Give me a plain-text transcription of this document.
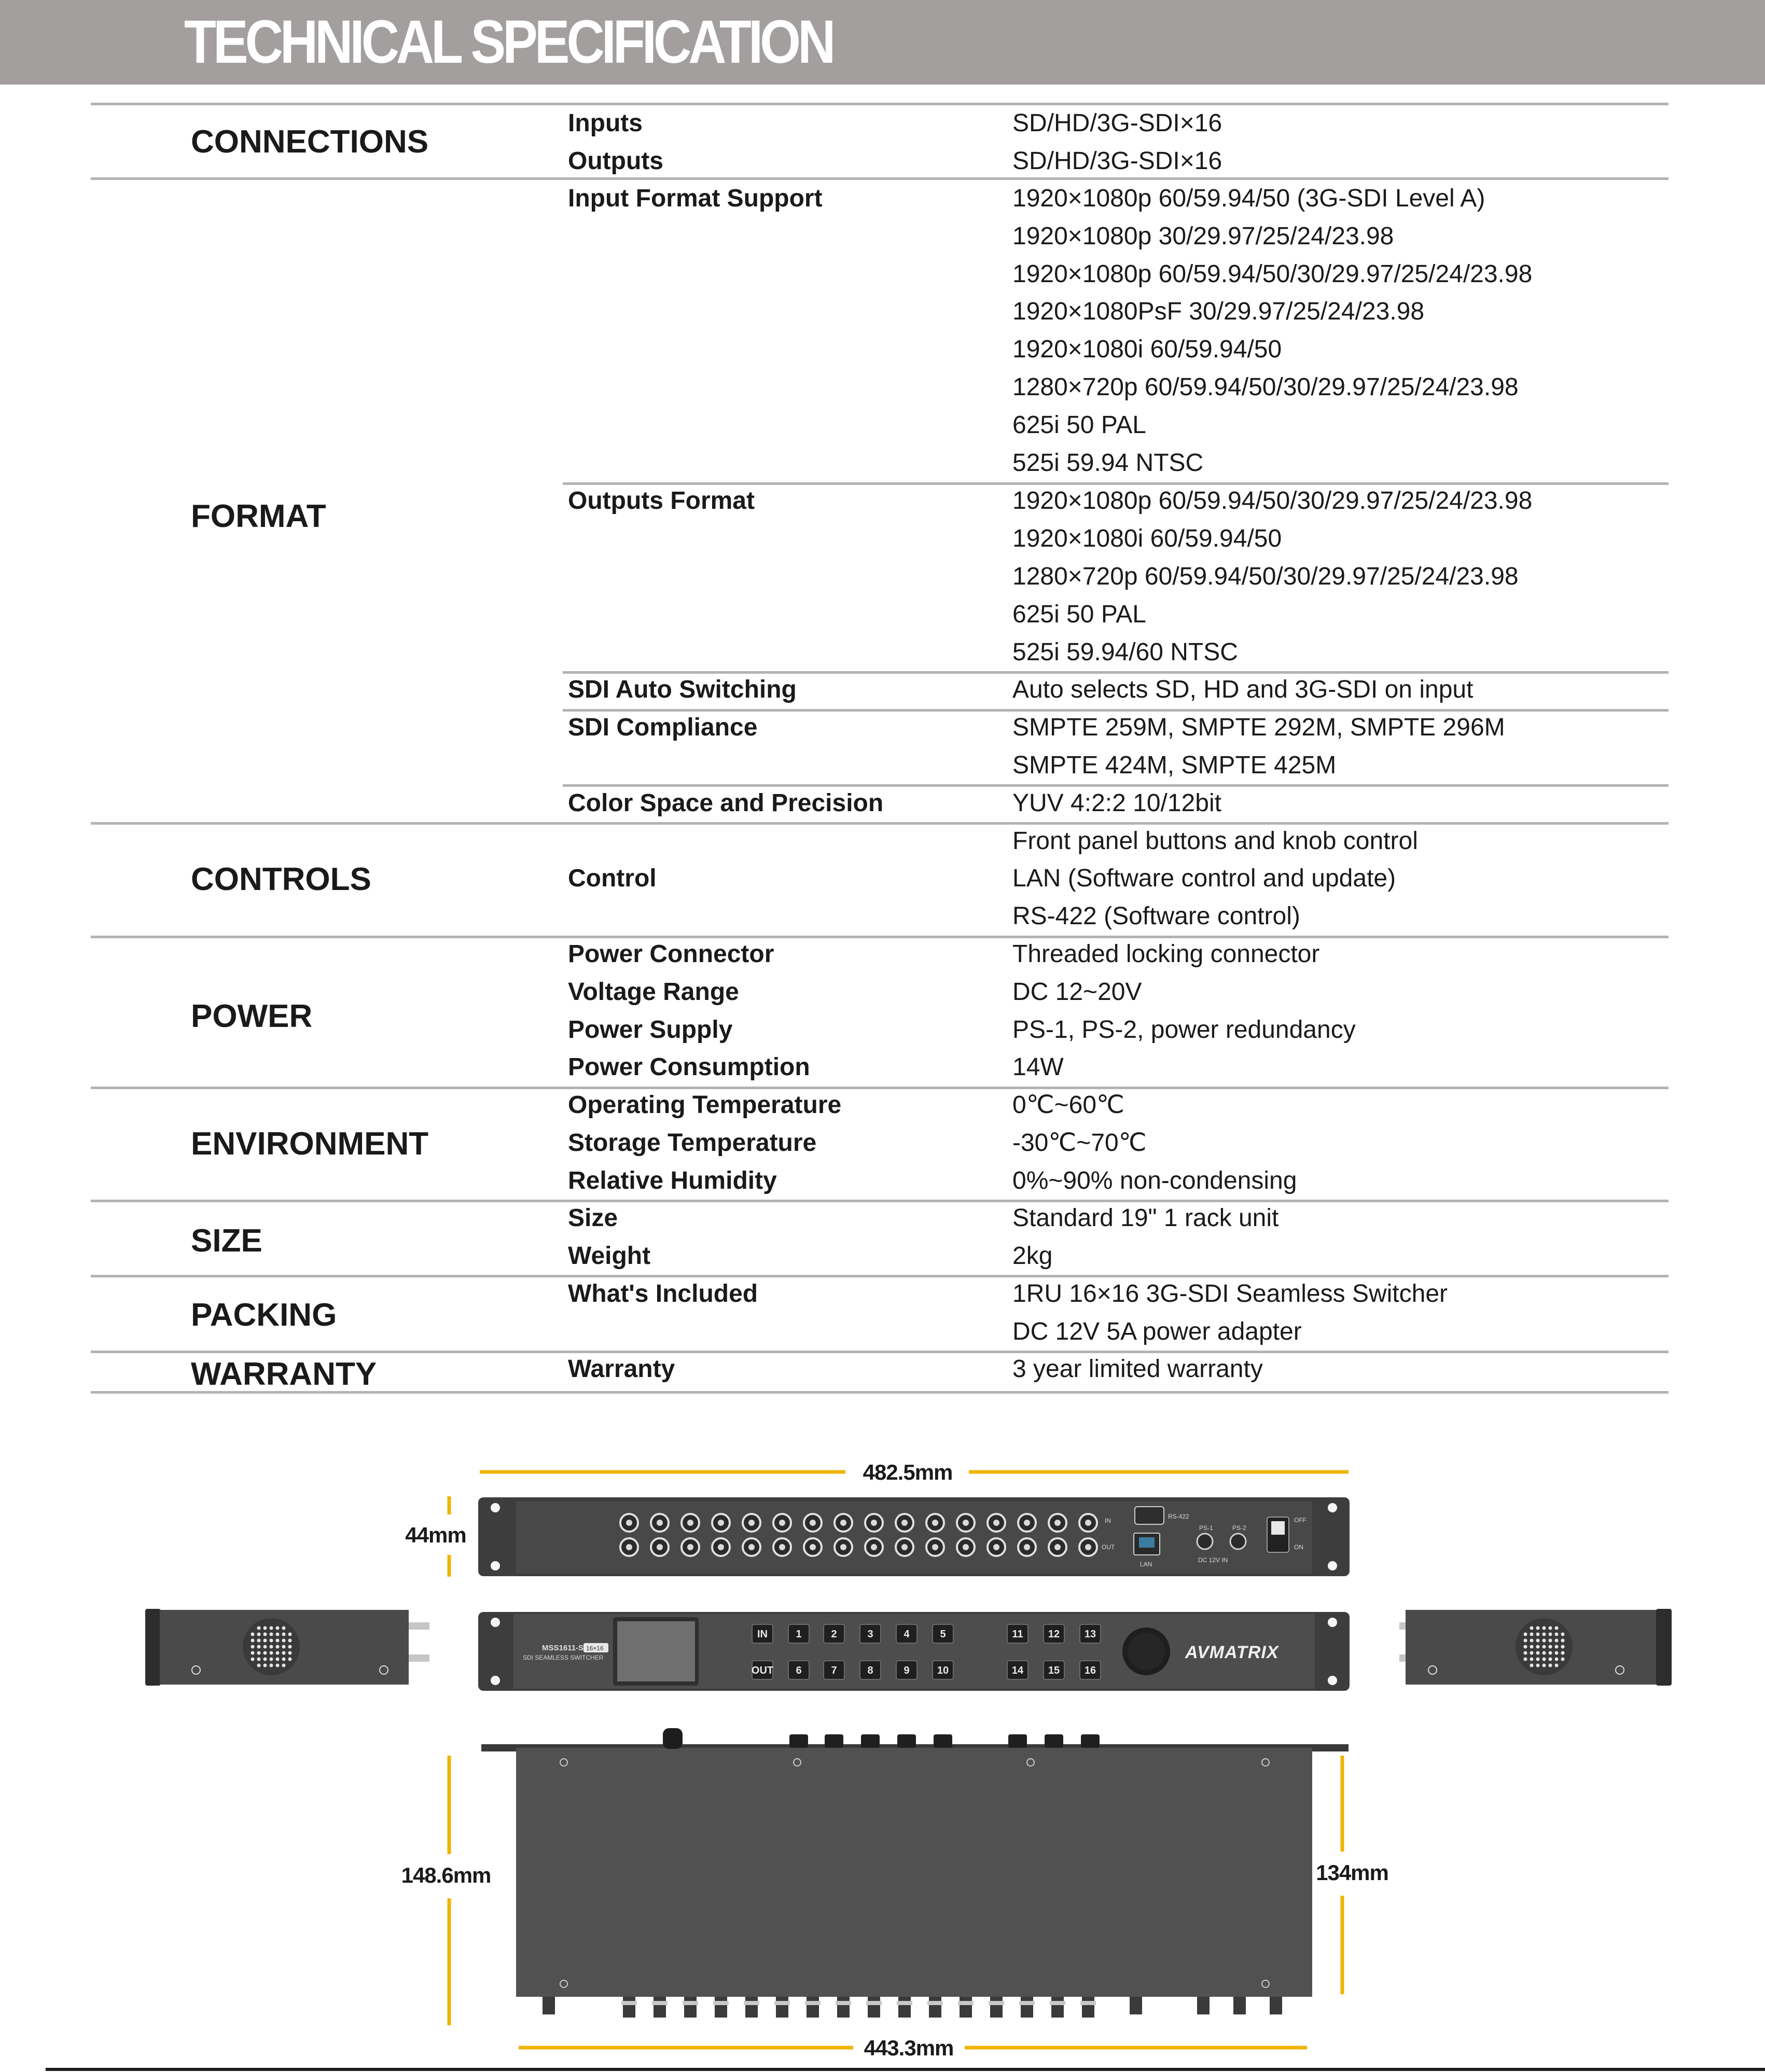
TECHNICAL SPECIFICATION
CONNECTIONS
Inputs	SD/HD/3G-SDI×16
Outputs	SD/HD/3G-SDI×16
FORMAT
Input Format Support	1920×1080p 60/59.94/50 (3G-SDI Level A)
1920×1080p 30/29.97/25/24/23.98
1920×1080p 60/59.94/50/30/29.97/25/24/23.98
1920×1080PsF 30/29.97/25/24/23.98
1920×1080i 60/59.94/50
1280×720p 60/59.94/50/30/29.97/25/24/23.98
625i 50 PAL
525i 59.94 NTSC
Outputs Format	1920×1080p 60/59.94/50/30/29.97/25/24/23.98
1920×1080i 60/59.94/50
1280×720p 60/59.94/50/30/29.97/25/24/23.98
625i 50 PAL
525i 59.94/60 NTSC
SDI Auto Switching	Auto selects SD, HD and 3G-SDI on input
SDI Compliance	SMPTE 259M, SMPTE 292M, SMPTE 296M
SMPTE 424M, SMPTE 425M
Color Space and Precision	YUV 4:2:2 10/12bit
CONTROLS	Control
Front panel buttons and knob control
LAN (Software control and update)
RS-422 (Software control)
POWER
Power Connector	Threaded locking connector
Voltage Range	DC 12~20V
Power Supply	PS-1, PS-2, power redundancy
Power Consumption	14W
ENVIRONMENT
Operating Temperature	0℃~60℃
Storage Temperature	-30℃~70℃
Relative Humidity	0%~90% non-condensing
SIZE
Size	Standard 19" 1 rack unit
Weight	2kg
PACKING
What's Included	1RU 16×16 3G-SDI Seamless Switcher
DC 12V 5A power adapter
WARRANTY	Warranty	3 year limited warranty
482.5mm
44mm
IN
OUT
RS-422
LAN
PS-1	PS-2
DC 12V IN
OFF
ON
MSS1611-S 16×16
SDI SEAMLESS SWITCHER
IN
OUT
1	2	3	4	5	11 12 13
6	7	8	9	10	14 15 16
AVMATRIX
148.6mm	134mm
443.3mm
